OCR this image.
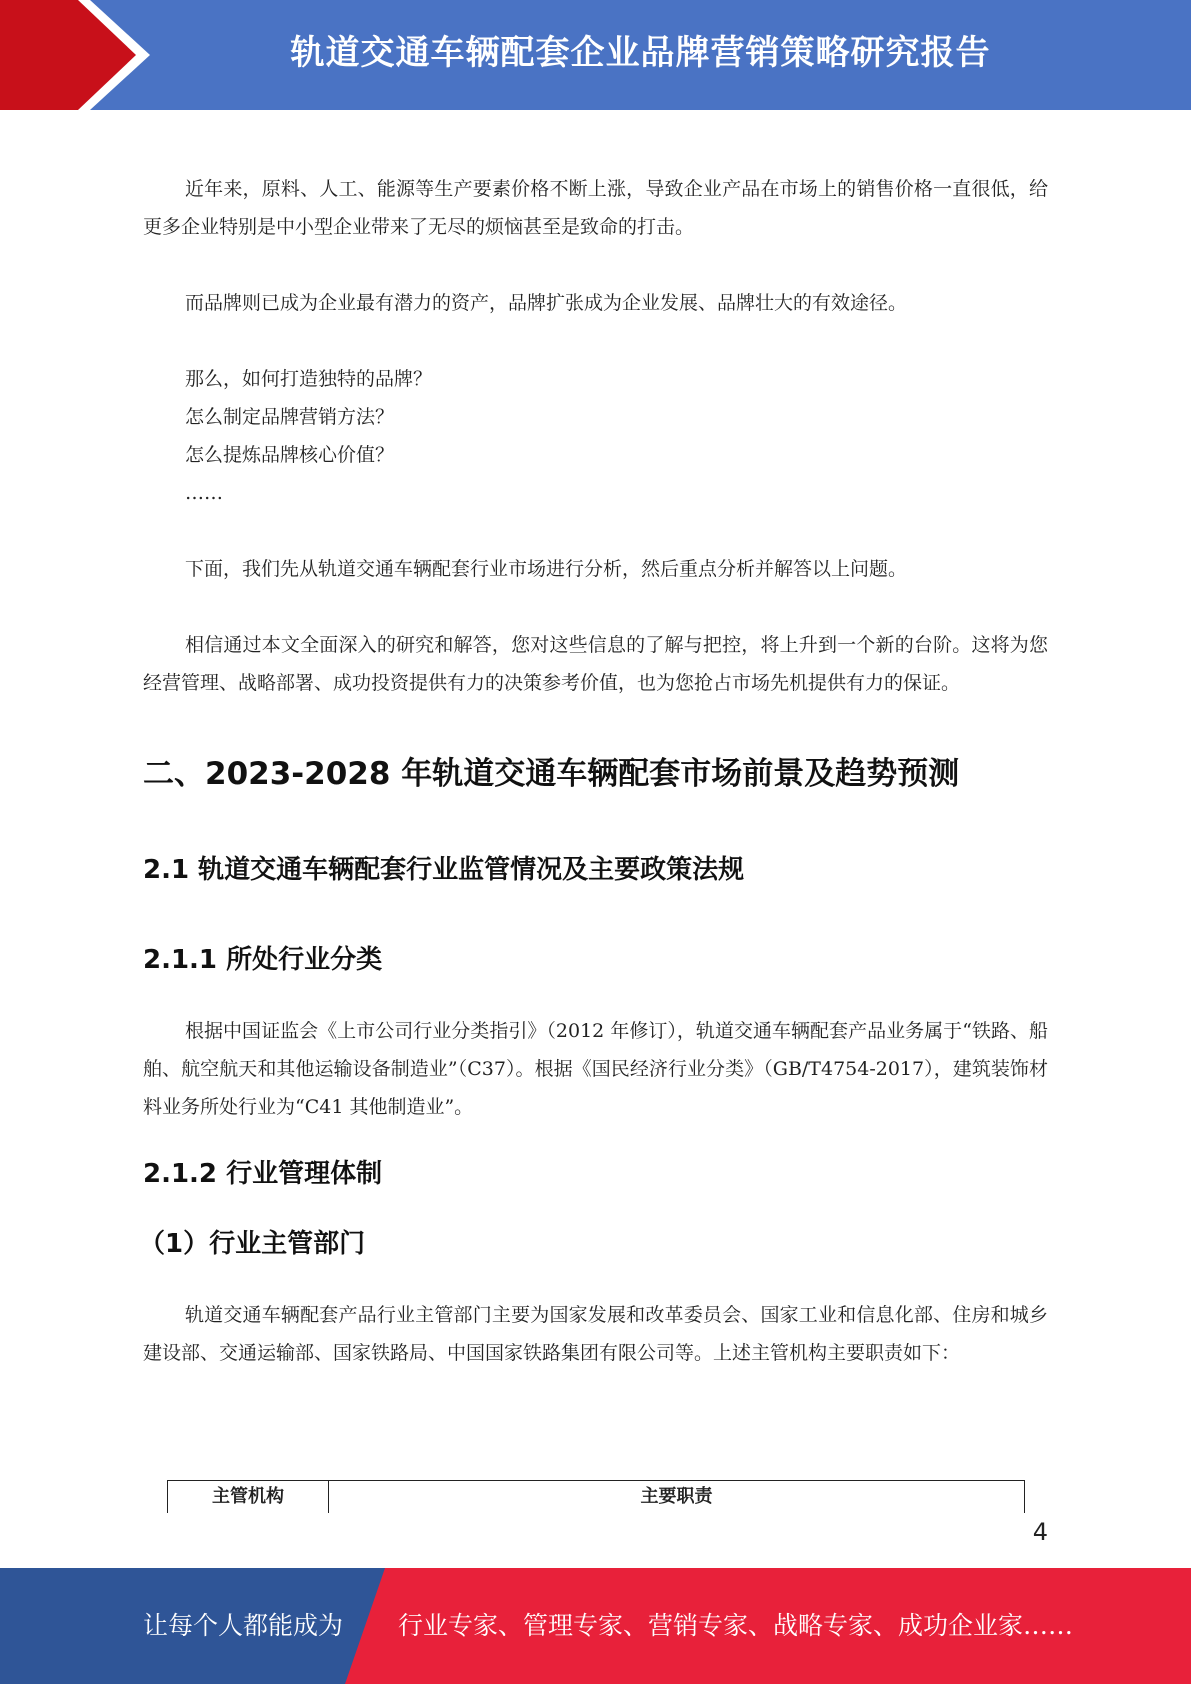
轨道交通车辆配套企业品牌营销策略研究报告

近年来，原料、人工、能源等生产要素价格不断上涨，导致企业产品在市场上的销售价格一直很低，给更多企业特别是中小型企业带来了无尽的烦恼甚至是致命的打击。

而品牌则已成为企业最有潜力的资产，品牌扩张成为企业发展、品牌壮大的有效途径。

那么，如何打造独特的品牌？

怎么制定品牌营销方法？

怎么提炼品牌核心价值？

……

下面，我们先从轨道交通车辆配套行业市场进行分析，然后重点分析并解答以上问题。

相信通过本文全面深入的研究和解答，您对这些信息的了解与把控，将上升到一个新的台阶。这将为您经营管理、战略部署、成功投资提供有力的决策参考价值，也为您抢占市场先机提供有力的保证。

二、2023-2028 年轨道交通车辆配套市场前景及趋势预测
2.1 轨道交通车辆配套行业监管情况及主要政策法规
2.1.1 所处行业分类

根据中国证监会《上市公司行业分类指引》（2012 年修订），轨道交通车辆配套产品业务属于“铁路、船舶、航空航天和其他运输设备制造业”（C37）。根据《国民经济行业分类》（GB/T4754-2017），建筑装饰材料业务所处行业为“C41 其他制造业”。

2.1.2 行业管理体制
（1）行业主管部门

轨道交通车辆配套产品行业主管部门主要为国家发展和改革委员会、国家工业和信息化部、住房和城乡建设部、交通运输部、国家铁路局、中国国家铁路集团有限公司等。上述主管机构主要职责如下：

主管机构	主要职责
4
让每个人都能成为 行业专家、管理专家、营销专家、战略专家、成功企业家……
